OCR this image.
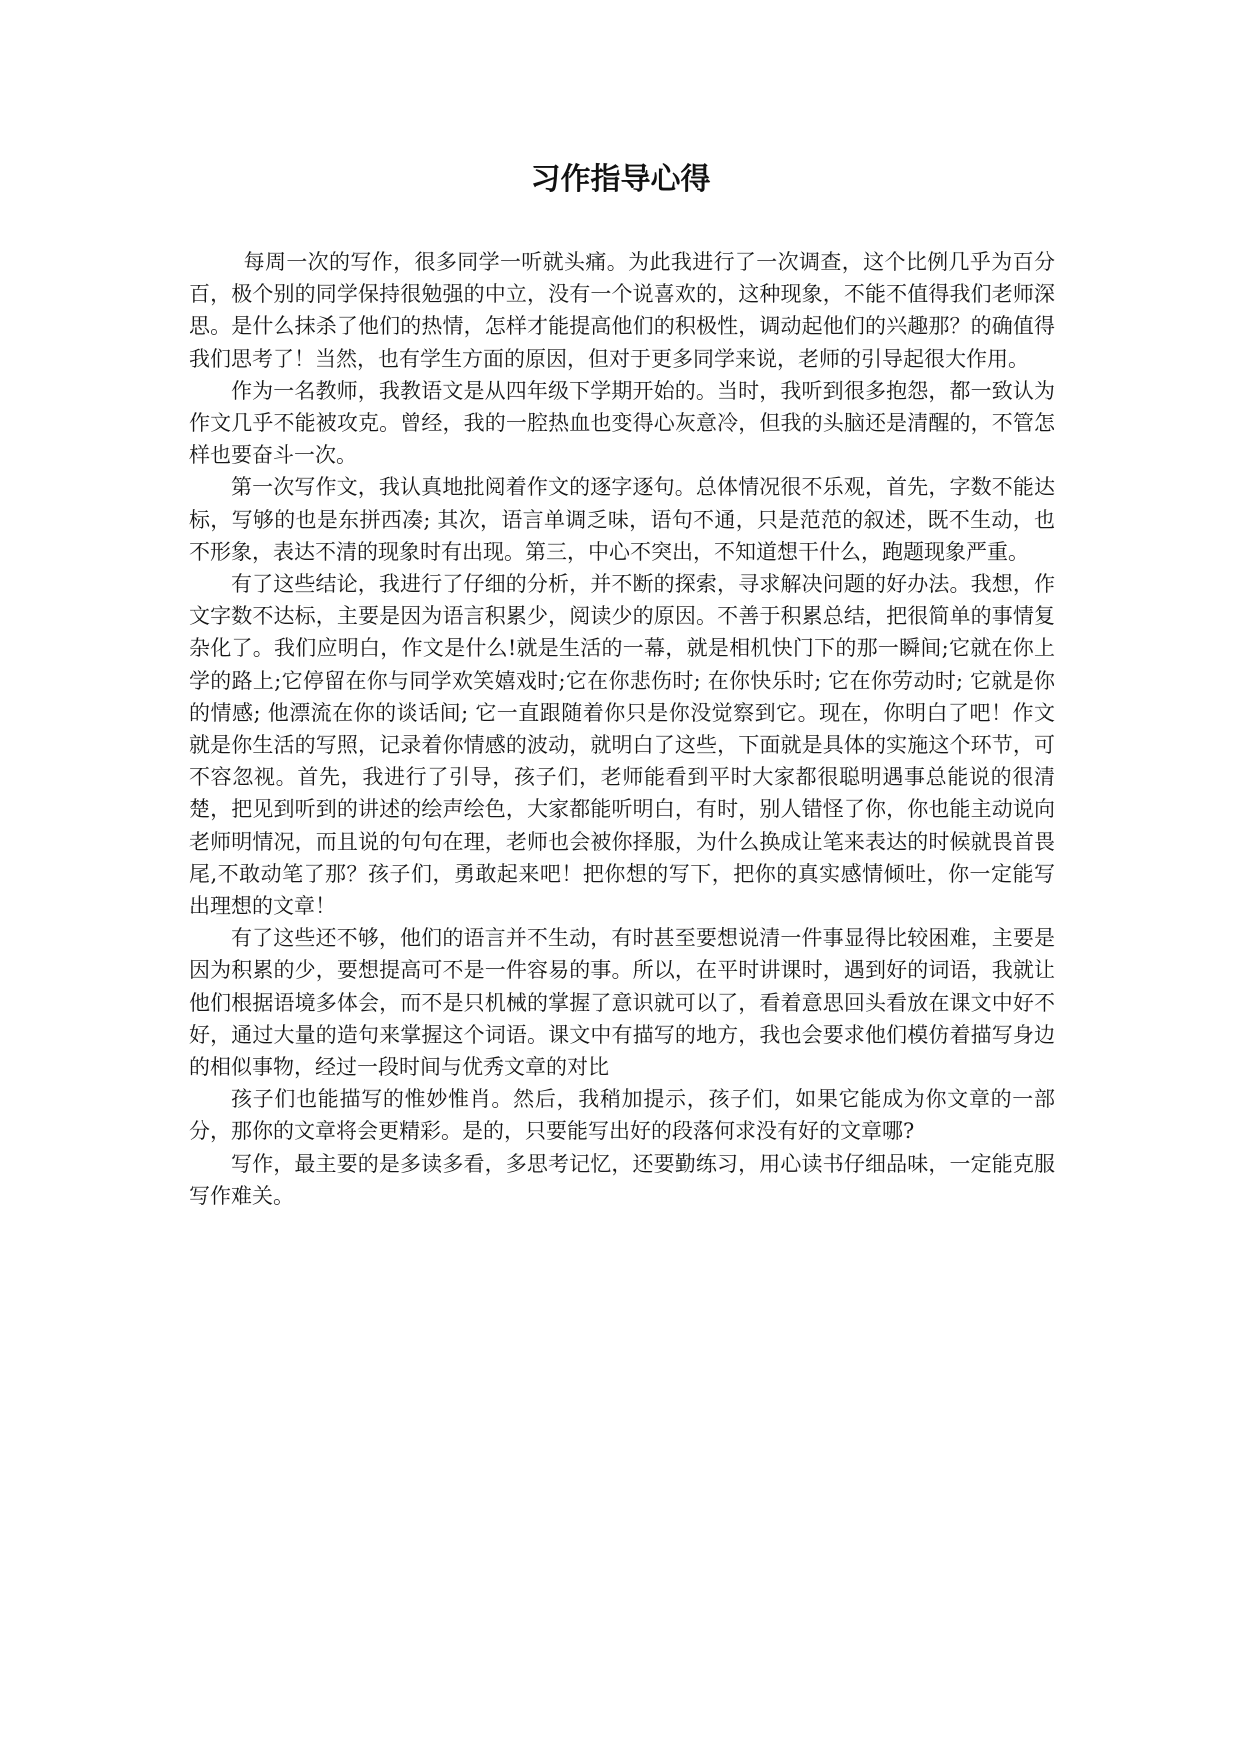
习作指导心得

每周一次的写作，很多同学一听就头痛。为此我进行了一次调查，这个比例几乎为百分百，极个别的同学保持很勉强的中立，没有一个说喜欢的，这种现象，不能不值得我们老师深思。是什么抹杀了他们的热情，怎样才能提高他们的积极性，调动起他们的兴趣那？的确值得我们思考了！当然，也有学生方面的原因，但对于更多同学来说，老师的引导起很大作用。

作为一名教师，我教语文是从四年级下学期开始的。当时，我听到很多抱怨，都一致认为作文几乎不能被攻克。曾经，我的一腔热血也变得心灰意冷，但我的头脑还是清醒的，不管怎样也要奋斗一次。

第一次写作文，我认真地批阅着作文的逐字逐句。总体情况很不乐观，首先，字数不能达标，写够的也是东拼西凑; 其次，语言单调乏味，语句不通，只是范范的叙述，既不生动，也不形象，表达不清的现象时有出现。第三，中心不突出，不知道想干什么，跑题现象严重。

有了这些结论，我进行了仔细的分析，并不断的探索，寻求解决问题的好办法。我想，作文字数不达标，主要是因为语言积累少，阅读少的原因。不善于积累总结，把很简单的事情复杂化了。我们应明白，作文是什么!就是生活的一幕，就是相机快门下的那一瞬间;它就在你上学的路上;它停留在你与同学欢笑嬉戏时;它在你悲伤时; 在你快乐时; 它在你劳动时; 它就是你的情感; 他漂流在你的谈话间; 它一直跟随着你只是你没觉察到它。现在，你明白了吧！作文就是你生活的写照，记录着你情感的波动，就明白了这些，下面就是具体的实施这个环节，可不容忽视。首先，我进行了引导，孩子们，老师能看到平时大家都很聪明遇事总能说的很清楚，把见到听到的讲述的绘声绘色，大家都能听明白，有时，别人错怪了你，你也能主动说向老师明情况，而且说的句句在理，老师也会被你择服，为什么换成让笔来表达的时候就畏首畏尾,不敢动笔了那？孩子们，勇敢起来吧！把你想的写下，把你的真实感情倾吐，你一定能写出理想的文章！

有了这些还不够，他们的语言并不生动，有时甚至要想说清一件事显得比较困难，主要是因为积累的少，要想提高可不是一件容易的事。所以，在平时讲课时，遇到好的词语，我就让他们根据语境多体会，而不是只机械的掌握了意识就可以了，看着意思回头看放在课文中好不好，通过大量的造句来掌握这个词语。课文中有描写的地方，我也会要求他们模仿着描写身边的相似事物，经过一段时间与优秀文章的对比

孩子们也能描写的惟妙惟肖。然后，我稍加提示，孩子们，如果它能成为你文章的一部分，那你的文章将会更精彩。是的，只要能写出好的段落何求没有好的文章哪?

写作，最主要的是多读多看，多思考记忆，还要勤练习，用心读书仔细品味，一定能克服写作难关。
